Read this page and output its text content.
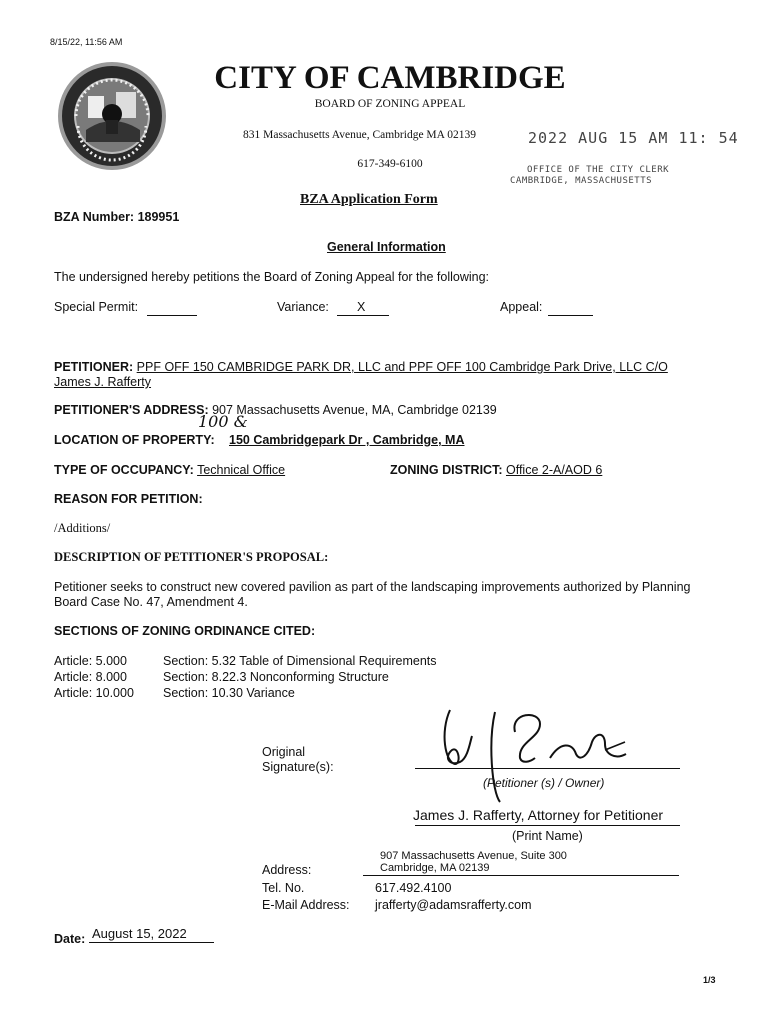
8/15/22, 11:56 AM
CITY OF CAMBRIDGE
BOARD OF ZONING APPEAL
831 Massachusetts Avenue, Cambridge MA 02139
617-349-6100
2022 AUG 15 AM 11: 54
OFFICE OF THE CITY CLERK
CAMBRIDGE, MASSACHUSETTS
BZA Application Form
BZA Number: 189951
General Information
The undersigned hereby petitions the Board of Zoning Appeal for the following:
Special Permit:	Variance: X	Appeal:
PETITIONER: PPF OFF 150 CAMBRIDGE PARK DR, LLC and PPF OFF 100 Cambridge Park Drive, LLC C/O
James J. Rafferty
PETITIONER'S ADDRESS: 907 Massachusetts Avenue, MA, Cambridge 02139
100 &
LOCATION OF PROPERTY: 150 Cambridgepark Dr , Cambridge, MA
TYPE OF OCCUPANCY: Technical Office	ZONING DISTRICT: Office 2-A/AOD 6
REASON FOR PETITION:
/Additions/
DESCRIPTION OF PETITIONER'S PROPOSAL:
Petitioner seeks to construct new covered pavilion as part of the landscaping improvements authorized by Planning
Board Case No. 47, Amendment 4.
SECTIONS OF ZONING ORDINANCE CITED:
Article: 5.000	Section: 5.32 Table of Dimensional Requirements
Article: 8.000	Section: 8.22.3 Nonconforming Structure
Article: 10.000 Section: 10.30 Variance
Original
Signature(s):
(Petitioner (s) / Owner)
James J. Rafferty, Attorney for Petitioner
(Print Name)
Address:
907 Massachusetts Avenue, Suite 300
Cambridge, MA 02139
Tel. No.	617.492.4100
E-Mail Address: jrafferty@adamsrafferty.com
Date: August 15, 2022
1/3
